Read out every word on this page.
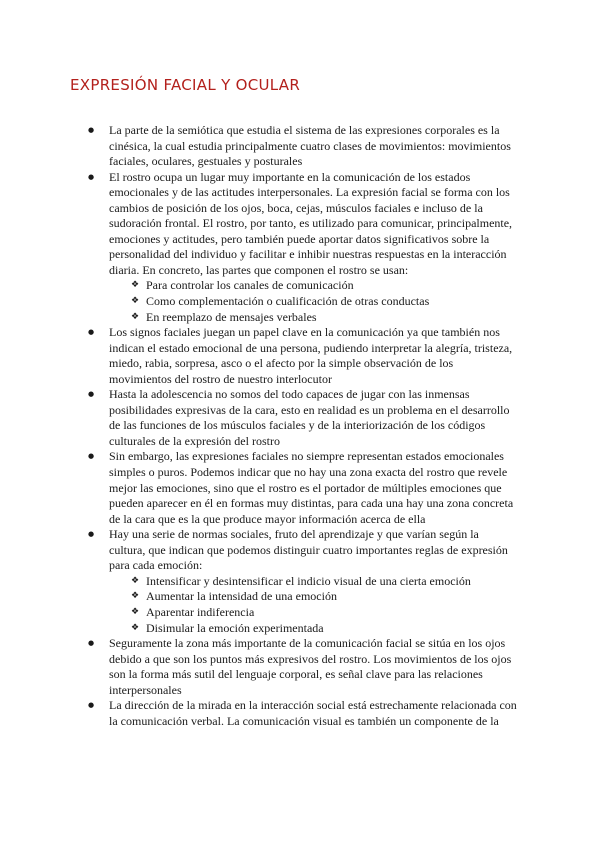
EXPRESIÓN FACIAL Y OCULAR
● La parte de la semiótica que estudia el sistema de las expresiones corporales es la cinésica, la cual estudia principalmente cuatro clases de movimientos: movimientos faciales, oculares, gestuales y posturales
● El rostro ocupa un lugar muy importante en la comunicación de los estados emocionales y de las actitudes interpersonales. La expresión facial se forma con los cambios de posición de los ojos, boca, cejas, músculos faciales e incluso de la sudoración frontal. El rostro, por tanto, es utilizado para comunicar, principalmente, emociones y actitudes, pero también puede aportar datos significativos sobre la personalidad del individuo y facilitar e inhibir nuestras respuestas en la interacción diaria. En concreto, las partes que componen el rostro se usan:
❖ Para controlar los canales de comunicación
❖ Como complementación o cualificación de otras conductas
❖ En reemplazo de mensajes verbales
● Los signos faciales juegan un papel clave en la comunicación ya que también nos indican el estado emocional de una persona, pudiendo interpretar la alegría, tristeza, miedo, rabia, sorpresa, asco o el afecto por la simple observación de los movimientos del rostro de nuestro interlocutor
● Hasta la adolescencia no somos del todo capaces de jugar con las inmensas posibilidades expresivas de la cara, esto en realidad es un problema en el desarrollo de las funciones de los músculos faciales y de la interiorización de los códigos culturales de la expresión del rostro
● Sin embargo, las expresiones faciales no siempre representan estados emocionales simples o puros. Podemos indicar que no hay una zona exacta del rostro que revele mejor las emociones, sino que el rostro es el portador de múltiples emociones que pueden aparecer en él en formas muy distintas, para cada una hay una zona concreta de la cara que es la que produce mayor información acerca de ella
● Hay una serie de normas sociales, fruto del aprendizaje y que varían según la cultura, que indican que podemos distinguir cuatro importantes reglas de expresión para cada emoción:
❖ Intensificar y desintensificar el indicio visual de una cierta emoción
❖ Aumentar la intensidad de una emoción
❖ Aparentar indiferencia
❖ Disimular la emoción experimentada
● Seguramente la zona más importante de la comunicación facial se sitúa en los ojos debido a que son los puntos más expresivos del rostro. Los movimientos de los ojos son la forma más sutil del lenguaje corporal, es señal clave para las relaciones interpersonales
● La dirección de la mirada en la interacción social está estrechamente relacionada con la comunicación verbal. La comunicación visual es también un componente de la
